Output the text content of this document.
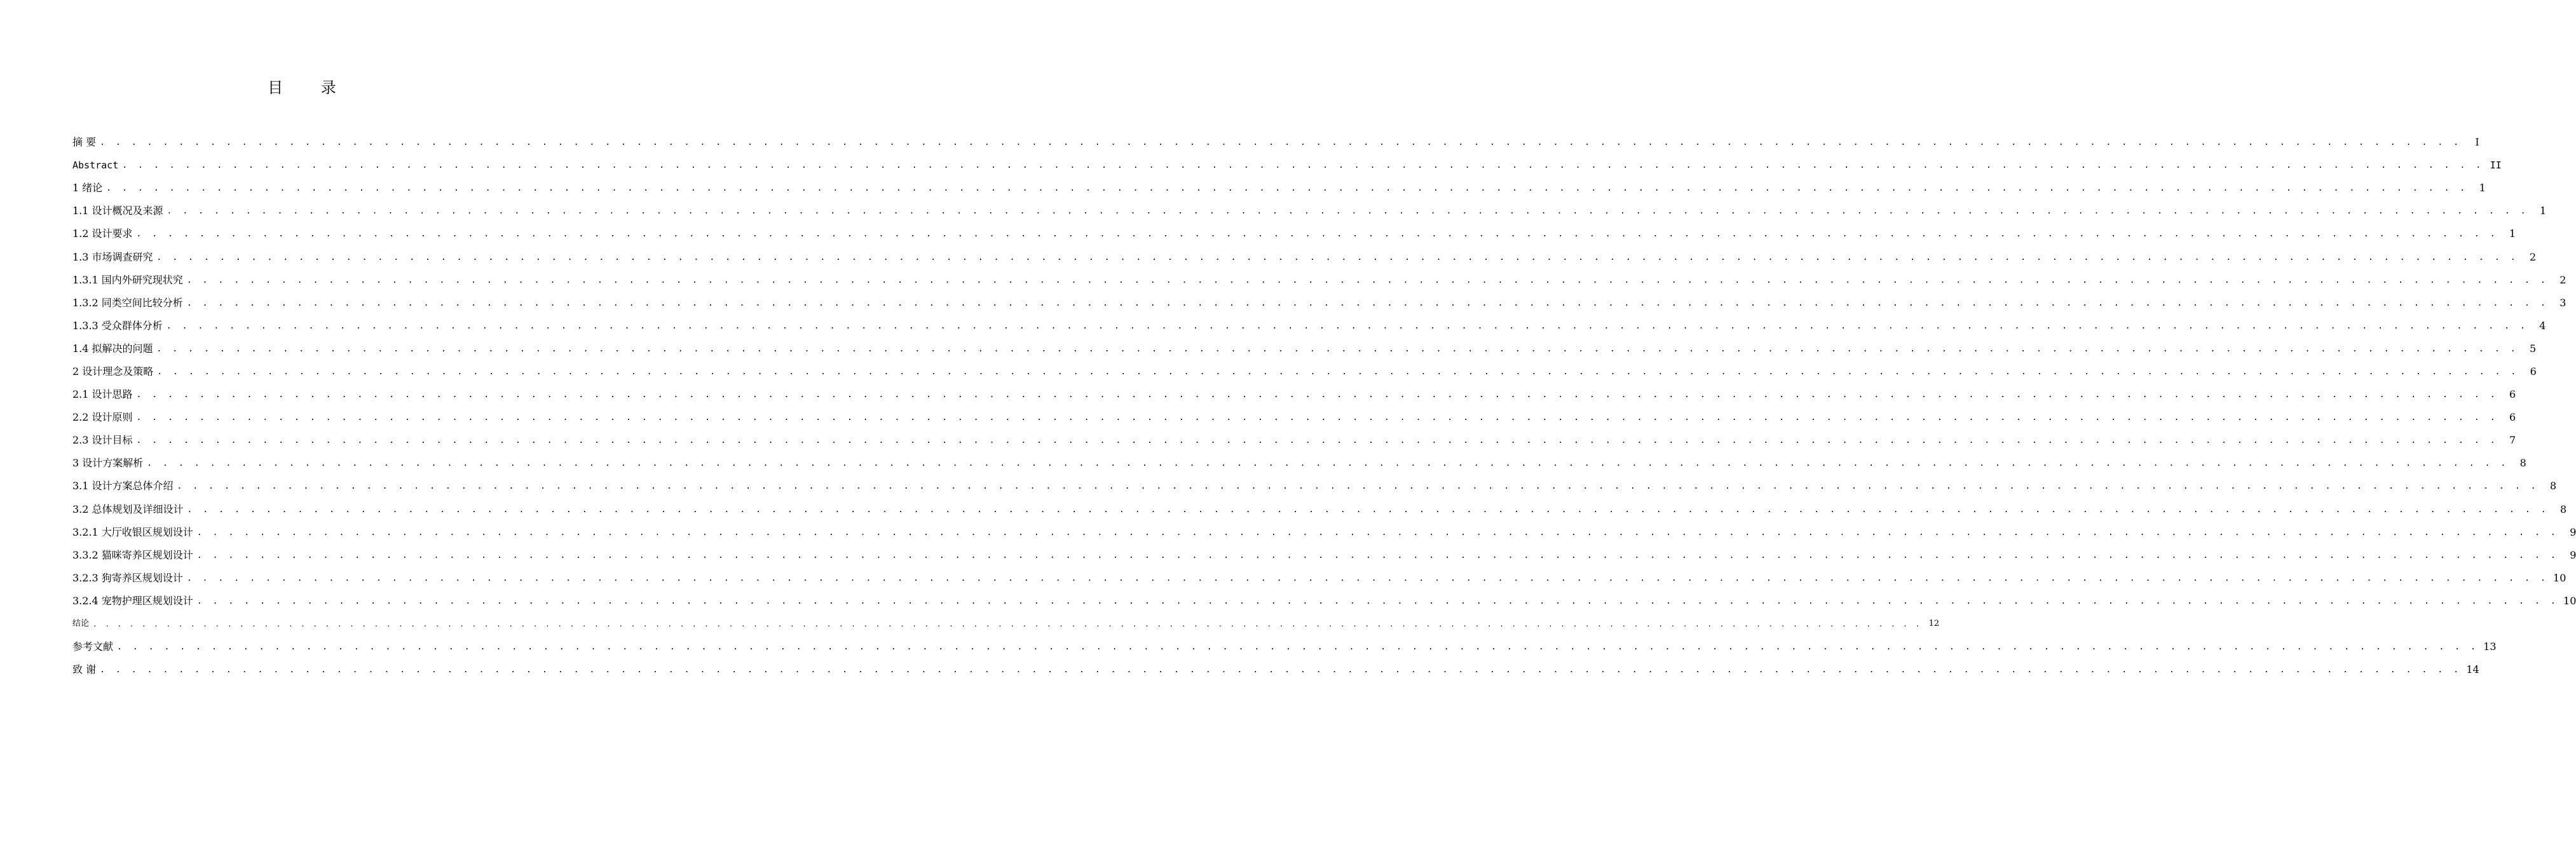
目 录
摘 要 . . . . . . . . . . . . . . . . . . . . . . . . . . . . . . . . . . . . . . . . . . . . . . . . . . . . . . . . . . . . . . . . . . . . . . . . . . . . . . . . . . . . . . . . . . . . . . . . . . . . . . . . . . . . . . . . . . . . . . . . . . . . . . . . . . . . . . . . . . . . . . . . . . . . . .	I
Abstract . . . . . . . . . . . . . . . . . . . . . . . . . . . . . . . . . . . . . . . . . . . . . . . . . . . . . . . . . . . . . . . . . . . . . . . . . . . . . . . . . . . . . . . . . . . . . . . . . . . . . . . . . . . . . . . . . . . . . . . . . . . . . . . . . . . . . . . . . . . . . . . . . . . . . . II
1 绪论 . . . . . . . . . . . . . . . . . . . . . . . . . . . . . . . . . . . . . . . . . . . . . . . . . . . . . . . . . . . . . . . . . . . . . . . . . . . . . . . . . . . . . . . . . . . . . . . . . . . . . . . . . . . . . . . . . . . . . . . . . . . . . . . . . . . . . . . . . . . . . . . . . . . . . .	1
1.1 设计概况及来源 . . . . . . . . . . . . . . . . . . . . . . . . . . . . . . . . . . . . . . . . . . . . . . . . . . . . . . . . . . . . . . . . . . . . . . . . . . . . . . . . . . . . . . . . . . . . . . . . . . . . . . . . . . . . . . . . . . . . . . . . . . . . . . . . . . . . . . . . . . . . . . . . . . . . . .	1
1.2 设计要求 . . . . . . . . . . . . . . . . . . . . . . . . . . . . . . . . . . . . . . . . . . . . . . . . . . . . . . . . . . . . . . . . . . . . . . . . . . . . . . . . . . . . . . . . . . . . . . . . . . . . . . . . . . . . . . . . . . . . . . . . . . . . . . . . . . . . . . . . . . . . . . . . . . . . . .	1
1.3 市场调查研究 . . . . . . . . . . . . . . . . . . . . . . . . . . . . . . . . . . . . . . . . . . . . . . . . . . . . . . . . . . . . . . . . . . . . . . . . . . . . . . . . . . . . . . . . . . . . . . . . . . . . . . . . . . . . . . . . . . . . . . . . . . . . . . . . . . . . . . . . . . . . . . . . . . . . . .	2
1.3.1 国内外研究现状究 . . . . . . . . . . . . . . . . . . . . . . . . . . . . . . . . . . . . . . . . . . . . . . . . . . . . . . . . . . . . . . . . . . . . . . . . . . . . . . . . . . . . . . . . . . . . . . . . . . . . . . . . . . . . . . . . . . . . . . . . . . . . . . . . . . . . . . . . . . . . . . . . . . . . . .	2
1.3.2 同类空间比较分析 . . . . . . . . . . . . . . . . . . . . . . . . . . . . . . . . . . . . . . . . . . . . . . . . . . . . . . . . . . . . . . . . . . . . . . . . . . . . . . . . . . . . . . . . . . . . . . . . . . . . . . . . . . . . . . . . . . . . . . . . . . . . . . . . . . . . . . . . . . . . . . . . . . . . . .	3
1.3.3 受众群体分析 . . . . . . . . . . . . . . . . . . . . . . . . . . . . . . . . . . . . . . . . . . . . . . . . . . . . . . . . . . . . . . . . . . . . . . . . . . . . . . . . . . . . . . . . . . . . . . . . . . . . . . . . . . . . . . . . . . . . . . . . . . . . . . . . . . . . . . . . . . . . . . . . . . . . . .	4
1.4 拟解决的问题 . . . . . . . . . . . . . . . . . . . . . . . . . . . . . . . . . . . . . . . . . . . . . . . . . . . . . . . . . . . . . . . . . . . . . . . . . . . . . . . . . . . . . . . . . . . . . . . . . . . . . . . . . . . . . . . . . . . . . . . . . . . . . . . . . . . . . . . . . . . . . . . . . . . . . .	5
2 设计理念及策略 . . . . . . . . . . . . . . . . . . . . . . . . . . . . . . . . . . . . . . . . . . . . . . . . . . . . . . . . . . . . . . . . . . . . . . . . . . . . . . . . . . . . . . . . . . . . . . . . . . . . . . . . . . . . . . . . . . . . . . . . . . . . . . . . . . . . . . . . . . . . . . . . . . . . . .	6
2.1 设计思路 . . . . . . . . . . . . . . . . . . . . . . . . . . . . . . . . . . . . . . . . . . . . . . . . . . . . . . . . . . . . . . . . . . . . . . . . . . . . . . . . . . . . . . . . . . . . . . . . . . . . . . . . . . . . . . . . . . . . . . . . . . . . . . . . . . . . . . . . . . . . . . . . . . . . . .	6
2.2 设计原则 . . . . . . . . . . . . . . . . . . . . . . . . . . . . . . . . . . . . . . . . . . . . . . . . . . . . . . . . . . . . . . . . . . . . . . . . . . . . . . . . . . . . . . . . . . . . . . . . . . . . . . . . . . . . . . . . . . . . . . . . . . . . . . . . . . . . . . . . . . . . . . . . . . . . . .	6
2.3 设计目标 . . . . . . . . . . . . . . . . . . . . . . . . . . . . . . . . . . . . . . . . . . . . . . . . . . . . . . . . . . . . . . . . . . . . . . . . . . . . . . . . . . . . . . . . . . . . . . . . . . . . . . . . . . . . . . . . . . . . . . . . . . . . . . . . . . . . . . . . . . . . . . . . . . . . . .	7
3 设计方案解析 . . . . . . . . . . . . . . . . . . . . . . . . . . . . . . . . . . . . . . . . . . . . . . . . . . . . . . . . . . . . . . . . . . . . . . . . . . . . . . . . . . . . . . . . . . . . . . . . . . . . . . . . . . . . . . . . . . . . . . . . . . . . . . . . . . . . . . . . . . . . . . . . . . . . . .	8
3.1 设计方案总体介绍 . . . . . . . . . . . . . . . . . . . . . . . . . . . . . . . . . . . . . . . . . . . . . . . . . . . . . . . . . . . . . . . . . . . . . . . . . . . . . . . . . . . . . . . . . . . . . . . . . . . . . . . . . . . . . . . . . . . . . . . . . . . . . . . . . . . . . . . . . . . . . . . . . . . . . .	8
3.2 总体规划及详细设计 . . . . . . . . . . . . . . . . . . . . . . . . . . . . . . . . . . . . . . . . . . . . . . . . . . . . . . . . . . . . . . . . . . . . . . . . . . . . . . . . . . . . . . . . . . . . . . . . . . . . . . . . . . . . . . . . . . . . . . . . . . . . . . . . . . . . . . . . . . . . . . . . . . . . . .	8
3.2.1 大厅收银区规划设计 . . . . . . . . . . . . . . . . . . . . . . . . . . . . . . . . . . . . . . . . . . . . . . . . . . . . . . . . . . . . . . . . . . . . . . . . . . . . . . . . . . . . . . . . . . . . . . . . . . . . . . . . . . . . . . . . . . . . . . . . . . . . . . . . . . . . . . . . . . . . . . . . . . . . . .	9
3.3.2 猫咪寄养区规划设计 . . . . . . . . . . . . . . . . . . . . . . . . . . . . . . . . . . . . . . . . . . . . . . . . . . . . . . . . . . . . . . . . . . . . . . . . . . . . . . . . . . . . . . . . . . . . . . . . . . . . . . . . . . . . . . . . . . . . . . . . . . . . . . . . . . . . . . . . . . . . . . . . . . . . . .	9
3.2.3 狗寄养区规划设计 . . . . . . . . . . . . . . . . . . . . . . . . . . . . . . . . . . . . . . . . . . . . . . . . . . . . . . . . . . . . . . . . . . . . . . . . . . . . . . . . . . . . . . . . . . . . . . . . . . . . . . . . . . . . . . . . . . . . . . . . . . . . . . . . . . . . . . . . . . . . . . . . . . . . . . 10
3.2.4 宠物护理区规划设计 . . . . . . . . . . . . . . . . . . . . . . . . . . . . . . . . . . . . . . . . . . . . . . . . . . . . . . . . . . . . . . . . . . . . . . . . . . . . . . . . . . . . . . . . . . . . . . . . . . . . . . . . . . . . . . . . . . . . . . . . . . . . . . . . . . . . . . . . . . . . . . . . . . . . . . 10
结论 . . . . . . . . . . . . . . . . . . . . . . . . . . . . . . . . . . . . . . . . . . . . . . . . . . . . . . . . . . . . . . . . . . . . . . . . . . . . . . . . . . . . . . . . . . . . . . . . . . . . . . . . . . . . . . . . . . . . . . . . . . . . . . . . . . . . . . . . . . . . . . . . . . . . . . 12
参考文献 . . . . . . . . . . . . . . . . . . . . . . . . . . . . . . . . . . . . . . . . . . . . . . . . . . . . . . . . . . . . . . . . . . . . . . . . . . . . . . . . . . . . . . . . . . . . . . . . . . . . . . . . . . . . . . . . . . . . . . . . . . . . . . . . . . . . . . . . . . . . . . . . . . . . . . 13
致 谢 . . . . . . . . . . . . . . . . . . . . . . . . . . . . . . . . . . . . . . . . . . . . . . . . . . . . . . . . . . . . . . . . . . . . . . . . . . . . . . . . . . . . . . . . . . . . . . . . . . . . . . . . . . . . . . . . . . . . . . . . . . . . . . . . . . . . . . . . . . . . . . . . . . . . . . 14
